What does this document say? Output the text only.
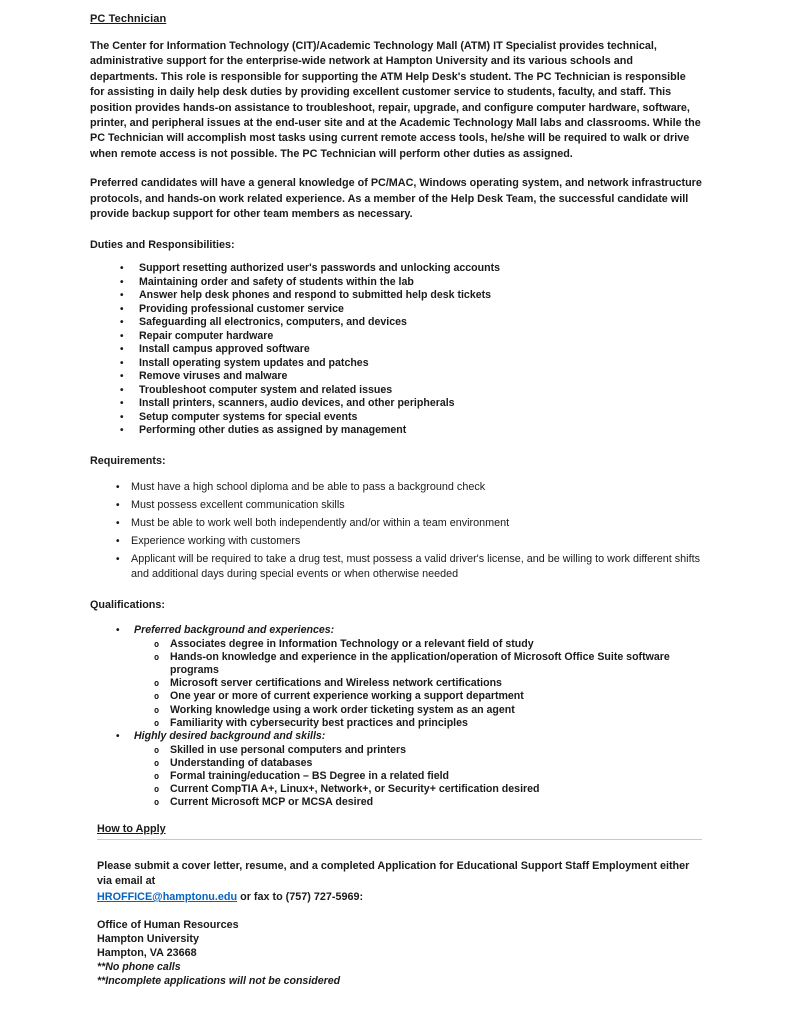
PC Technician

The Center for Information Technology (CIT)/Academic Technology Mall (ATM) IT Specialist provides technical, administrative support for the enterprise-wide network at Hampton University and its various schools and departments. This role is responsible for supporting the ATM Help Desk's student. The PC Technician is responsible for assisting in daily help desk duties by providing excellent customer service to students, faculty, and staff. This position provides hands-on assistance to troubleshoot, repair, upgrade, and configure computer hardware, software, printer, and peripheral issues at the end-user site and at the Academic Technology Mall labs and classrooms. While the PC Technician will accomplish most tasks using current remote access tools, he/she will be required to walk or drive when remote access is not possible. The PC Technician will perform other duties as assigned.

Preferred candidates will have a general knowledge of PC/MAC, Windows operating system, and network infrastructure protocols, and hands-on work related experience. As a member of the Help Desk Team, the successful candidate will provide backup support for other team members as necessary.

Duties and Responsibilities:
• Support resetting authorized user's passwords and unlocking accounts
• Maintaining order and safety of students within the lab
• Answer help desk phones and respond to submitted help desk tickets
• Providing professional customer service
• Safeguarding all electronics, computers, and devices
• Repair computer hardware
• Install campus approved software
• Install operating system updates and patches
• Remove viruses and malware
• Troubleshoot computer system and related issues
• Install printers, scanners, audio devices, and other peripherals
• Setup computer systems for special events
• Performing other duties as assigned by management
Requirements:
• Must have a high school diploma and be able to pass a background check
• Must possess excellent communication skills
• Must be able to work well both independently and/or within a team environment
• Experience working with customers
• Applicant will be required to take a drug test, must possess a valid driver's license, and be willing to work different shifts and additional days during special events or when otherwise needed
Qualifications:
• Preferred background and experiences:
o Associates degree in Information Technology or a relevant field of study
o Hands-on knowledge and experience in the application/operation of Microsoft Office Suite software programs
o Microsoft server certifications and Wireless network certifications
o One year or more of current experience working a support department
o Working knowledge using a work order ticketing system as an agent
o Familiarity with cybersecurity best practices and principles
• Highly desired background and skills:
o Skilled in use personal computers and printers
o Understanding of databases
o Formal training/education – BS Degree in a related field
o Current CompTIA A+, Linux+, Network+, or Security+ certification desired
o Current Microsoft MCP or MCSA desired
How to Apply

Please submit a cover letter, resume, and a completed Application for Educational Support Staff Employment either via email at
HROFFICE@hamptonu.edu or fax to (757) 727-5969:

Office of Human Resources
Hampton University
Hampton, VA 23668
**No phone calls
**Incomplete applications will not be considered
